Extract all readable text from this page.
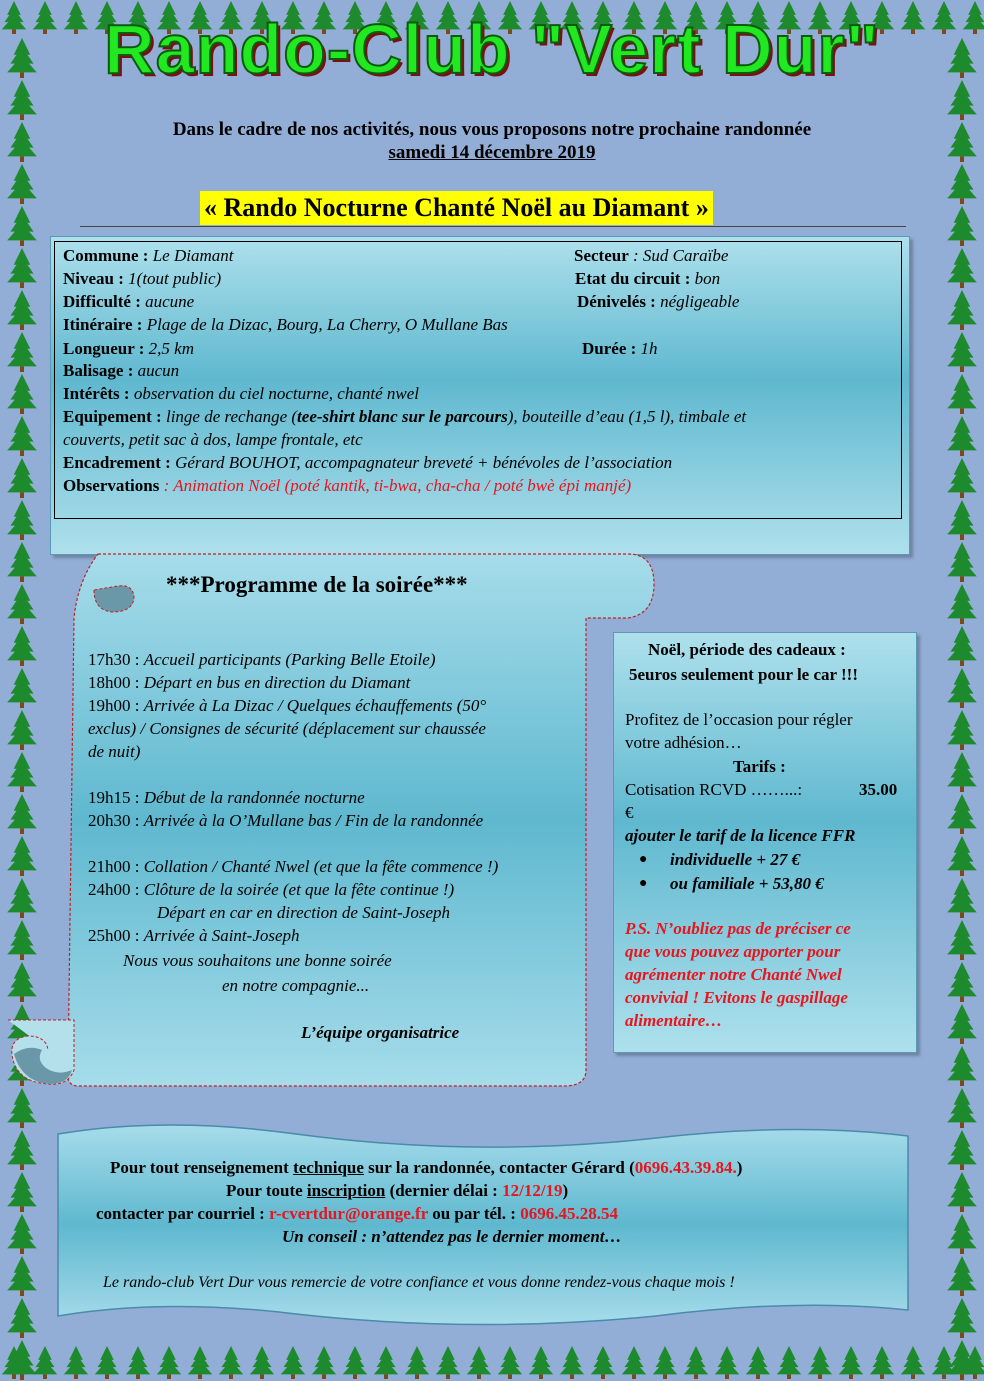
Rando-Club "Vert Dur"
Dans le cadre de nos activités, nous vous proposons notre prochaine randonnée
samedi 14 décembre 2019
« Rando Nocturne Chanté Noël au Diamant »
Commune : Le Diamant	Secteur : Sud Caraïbe
Niveau : 1(tout public)	Etat du circuit : bon
Difficulté : aucune	Dénivelés : négligeable
Itinéraire : Plage de la Dizac, Bourg, La Cherry, O Mullane Bas
Longueur : 2,5 km	Durée : 1h
Balisage : aucun
Intérêts : observation du ciel nocturne, chanté nwel
Equipement : linge de rechange (tee-shirt blanc sur le parcours), bouteille d’eau (1,5 l), timbale et
couverts, petit sac à dos, lampe frontale, etc
Encadrement : Gérard BOUHOT, accompagnateur breveté + bénévoles de l’association
Observations : Animation Noël (poté kantik, ti-bwa, cha-cha / poté bwè épi manjé)
***Programme de la soirée***
17h30 : Accueil participants (Parking Belle Etoile)
18h00 : Départ en bus en direction du Diamant
19h00 : Arrivée à La Dizac / Quelques échauffements (50°
exclus) / Consignes de sécurité (déplacement sur chaussée
de nuit)
19h15 : Début de la randonnée nocturne
20h30 : Arrivée à la O’Mullane bas / Fin de la randonnée
21h00 : Collation / Chanté Nwel (et que la fête commence !)
24h00 : Clôture de la soirée (et que la fête continue !)
Départ en car en direction de Saint-Joseph
25h00 : Arrivée à Saint-Joseph
Nous vous souhaitons une bonne soirée
en notre compagnie...
L’équipe organisatrice
Noël, période des cadeaux :
5euros seulement pour le car !!!
Profitez de l’occasion pour régler
votre adhésion…
Tarifs :
Cotisation RCVD ……...:	35.00
€
ajouter le tarif de la licence FFR
● individuelle + 27 €
● ou familiale + 53,80 €
P.S. N’oubliez pas de préciser ce
que vous pouvez apporter pour
agrémenter notre Chanté Nwel
convivial ! Evitons le gaspillage
alimentaire…
Pour tout renseignement technique sur la randonnée, contacter Gérard (0696.43.39.84.)
Pour toute inscription (dernier délai : 12/12/19)
contacter par courriel : r-cvertdur@orange.fr ou par tél. : 0696.45.28.54
Un conseil : n’attendez pas le dernier moment…
Le rando-club Vert Dur vous remercie de votre confiance et vous donne rendez-vous chaque mois !
